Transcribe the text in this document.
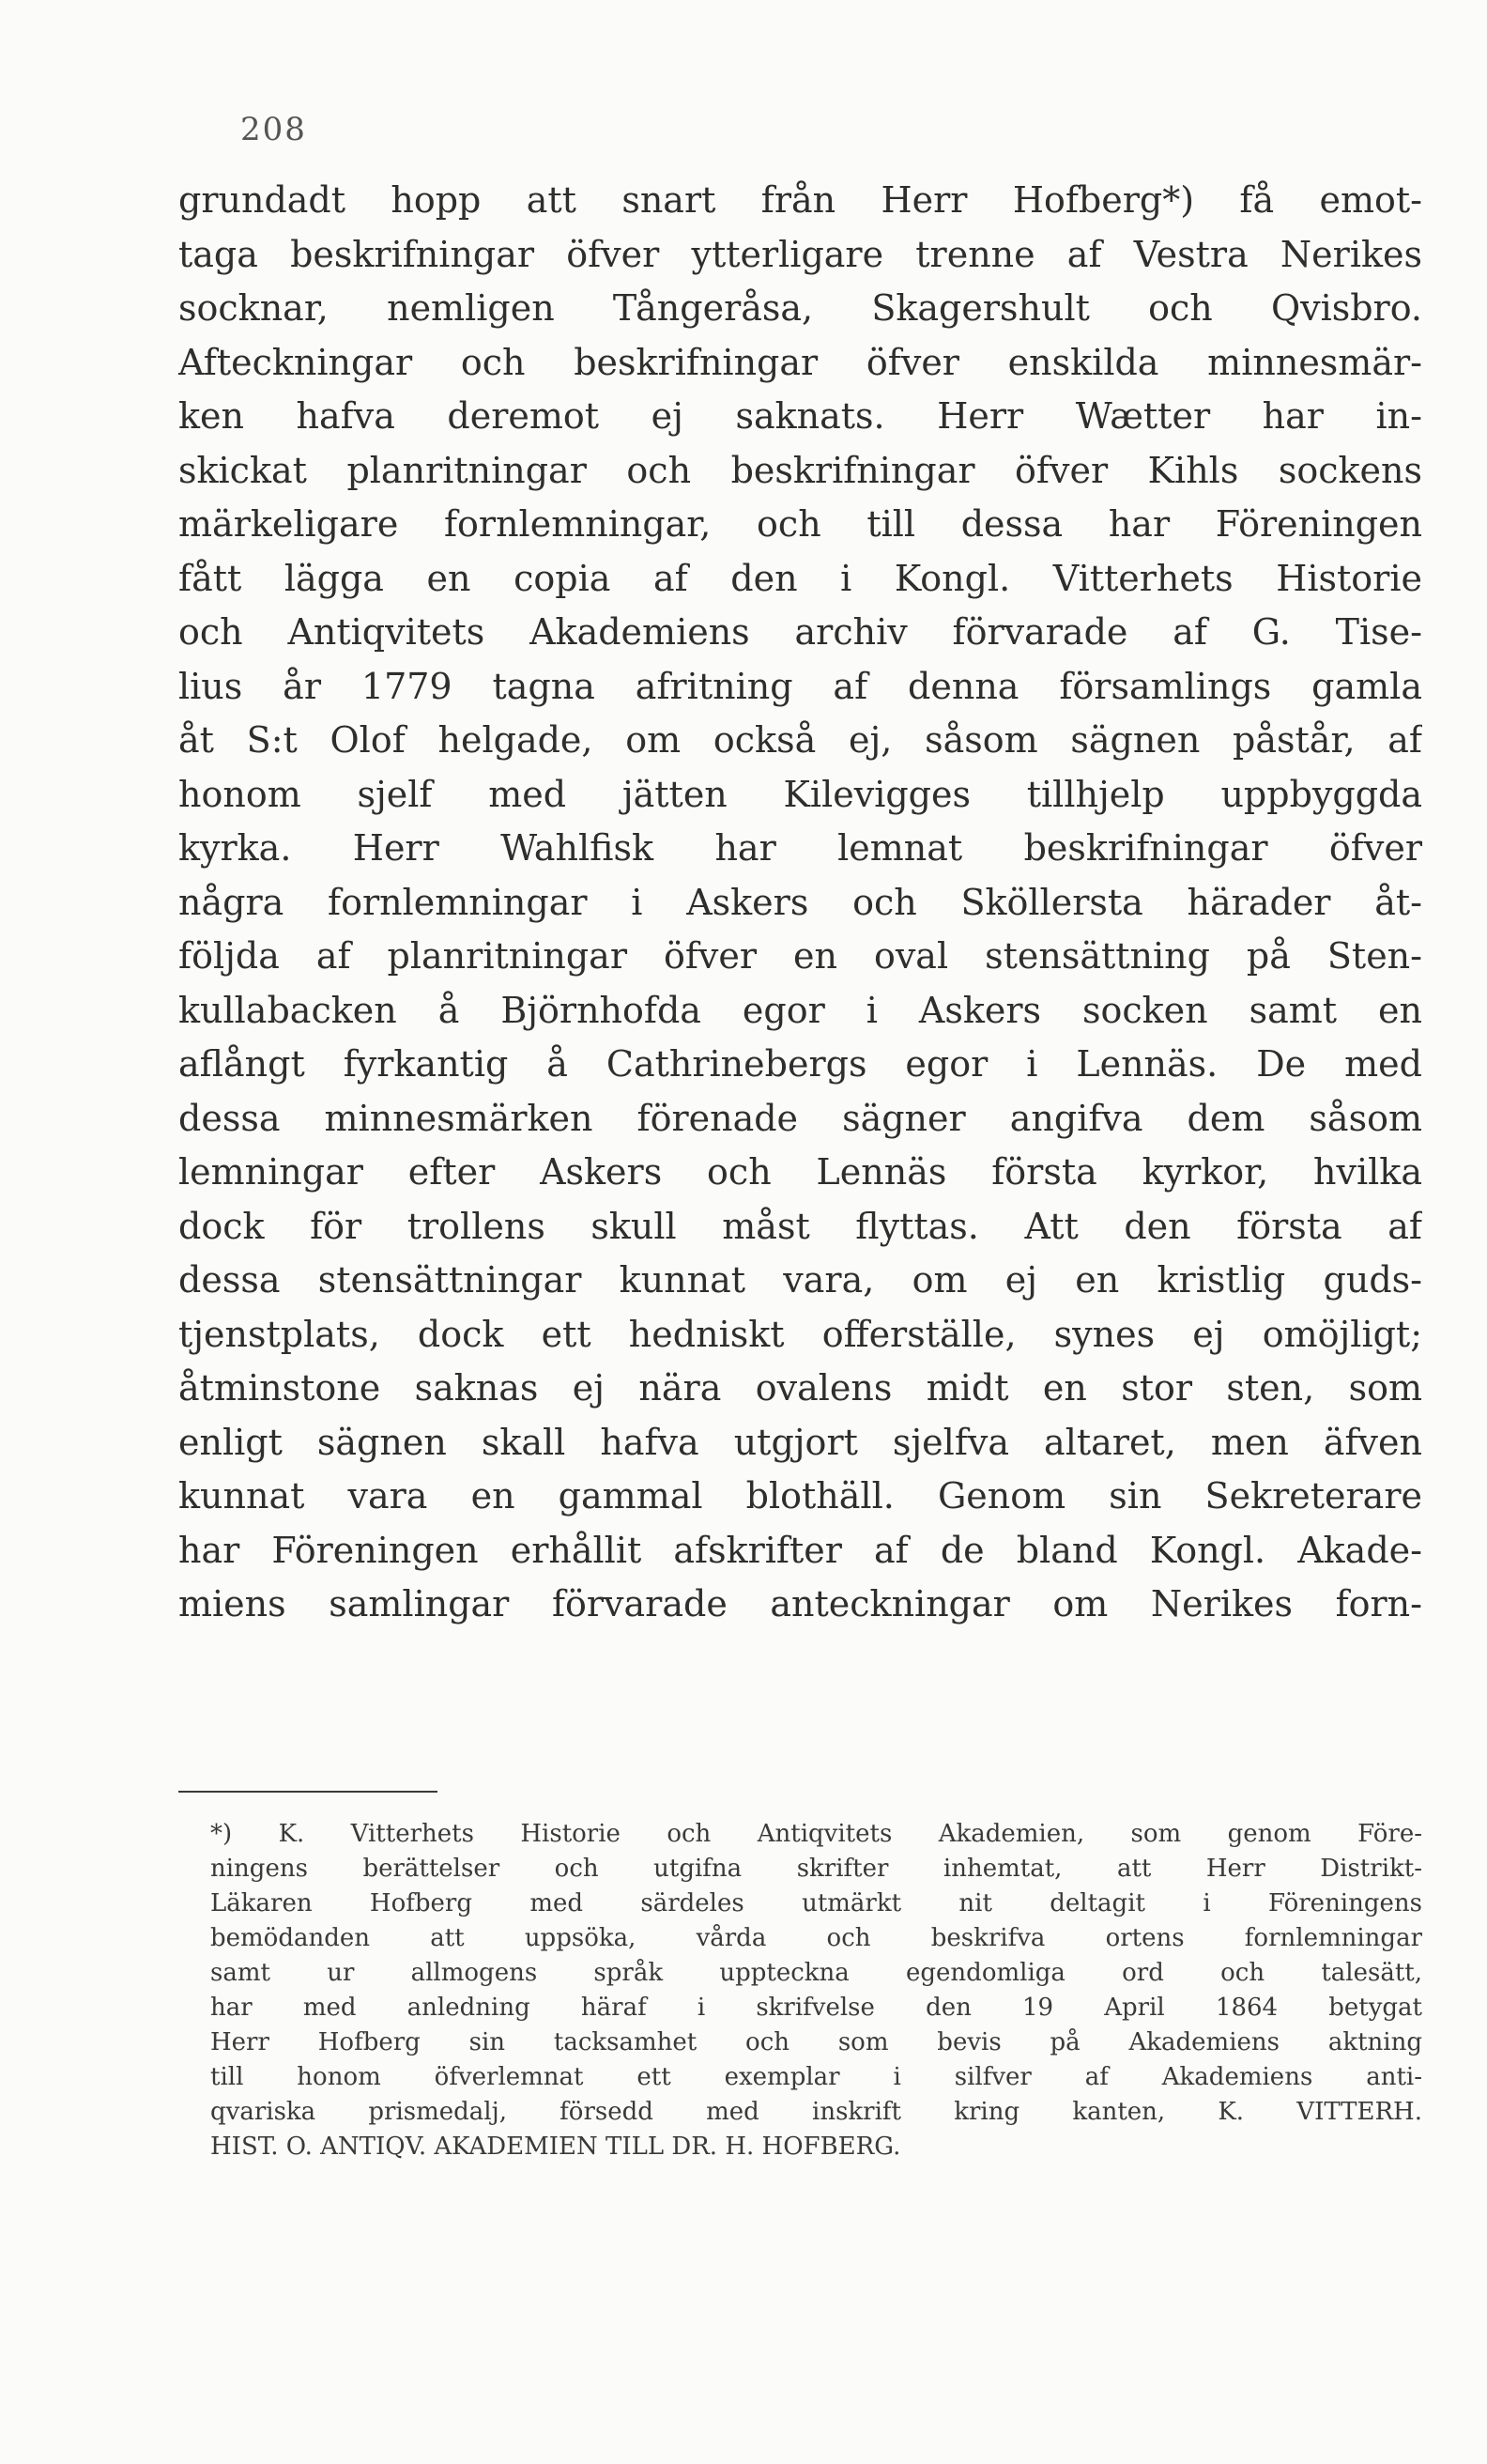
208
grundadt hopp att snart från Herr Hofberg*) få emot-
taga beskrifningar öfver ytterligare trenne af Vestra Nerikes
socknar, nemligen Tångeråsa, Skagershult och Qvisbro.
Afteckningar och beskrifningar öfver enskilda minnesmär-
ken hafva deremot ej saknats. Herr Wætter har in-
skickat planritningar och beskrifningar öfver Kihls sockens
märkeligare fornlemningar, och till dessa har Föreningen
fått lägga en copia af den i Kongl. Vitterhets Historie
och Antiqvitets Akademiens archiv förvarade af G. Tise-
lius år 1779 tagna afritning af denna församlings gamla
åt S:t Olof helgade, om också ej, såsom sägnen påstår, af
honom sjelf med jätten Kilevigges tillhjelp uppbyggda
kyrka. Herr Wahlfisk har lemnat beskrifningar öfver
några fornlemningar i Askers och Sköllersta härader åt-
följda af planritningar öfver en oval stensättning på Sten-
kullabacken å Björnhofda egor i Askers socken samt en
aflångt fyrkantig å Cathrinebergs egor i Lennäs. De med
dessa minnesmärken förenade sägner angifva dem såsom
lemningar efter Askers och Lennäs första kyrkor, hvilka
dock för trollens skull måst flyttas. Att den första af
dessa stensättningar kunnat vara, om ej en kristlig guds-
tjenstplats, dock ett hedniskt offerställe, synes ej omöjligt;
åtminstone saknas ej nära ovalens midt en stor sten, som
enligt sägnen skall hafva utgjort sjelfva altaret, men äfven
kunnat vara en gammal blothäll. Genom sin Sekreterare
har Föreningen erhållit afskrifter af de bland Kongl. Akade-
miens samlingar förvarade anteckningar om Nerikes forn-
*) K. Vitterhets Historie och Antiqvitets Akademien, som genom Före-
ningens berättelser och utgifna skrifter inhemtat, att Herr Distrikt-
Läkaren Hofberg med särdeles utmärkt nit deltagit i Föreningens
bemödanden att uppsöka, vårda och beskrifva ortens fornlemningar
samt ur allmogens språk uppteckna egendomliga ord och talesätt,
har med anledning häraf i skrifvelse den 19 April 1864 betygat
Herr Hofberg sin tacksamhet och som bevis på Akademiens aktning
till honom öfverlemnat ett exemplar i silfver af Akademiens anti-
qvariska prismedalj, försedd med inskrift kring kanten, K. VITTERH.
HIST. O. ANTIQV. AKADEMIEN TILL DR. H. HOFBERG.
